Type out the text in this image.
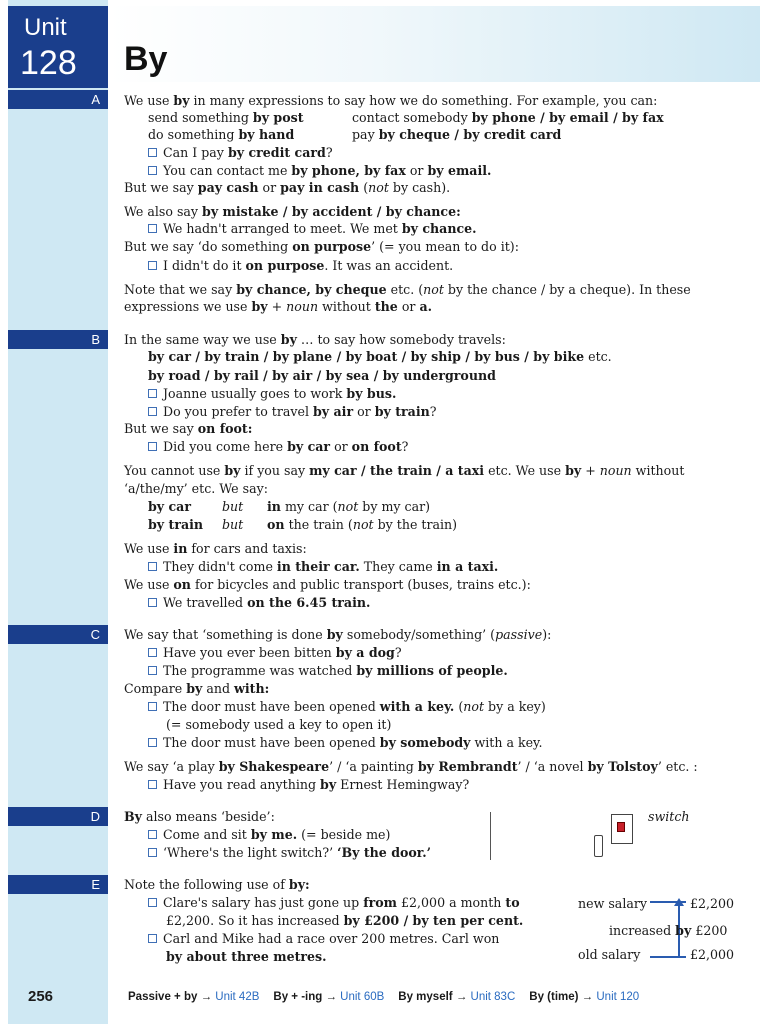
Unit
128 By
A
B
C
D
E
We use by in many expressions to say how we do something. For example, you can:
send something by post	contact somebody by phone / by email / by fax
do something by hand	pay by cheque / by credit card
Can I pay by credit card?
You can contact me by phone, by fax or by email.
But we say pay cash or pay in cash (not by cash).
We also say by mistake / by accident / by chance:
We hadn't arranged to meet. We met by chance.
But we say ‘do something on purpose’ (= you mean to do it):
I didn't do it on purpose. It was an accident.
Note that we say by chance, by cheque etc. (not by the chance / by a cheque). In these
expressions we use by + noun without the or a.
In the same way we use by … to say how somebody travels:
by car / by train / by plane / by boat / by ship / by bus / by bike etc.
by road / by rail / by air / by sea / by underground
Joanne usually goes to work by bus.
Do you prefer to travel by air or by train?
But we say on foot:
Did you come here by car or on foot?
You cannot use by if you say my car / the train / a taxi etc. We use by + noun without
‘a/the/my’ etc. We say:
by car but in my car (not by my car)
by train but on the train (not by the train)
We use in for cars and taxis:
They didn't come in their car. They came in a taxi.
We use on for bicycles and public transport (buses, trains etc.):
We travelled on the 6.45 train.
We say that ‘something is done by somebody/something’ (passive):
Have you ever been bitten by a dog?
The programme was watched by millions of people.
Compare by and with:
The door must have been opened with a key. (not by a key)
(= somebody used a key to open it)
The door must have been opened by somebody with a key.
We say ‘a play by Shakespeare’ / ‘a painting by Rembrandt’ / ‘a novel by Tolstoy’ etc. :
Have you read anything by Ernest Hemingway?
By also means ‘beside’:
Come and sit by me. (= beside me)
‘Where's the light switch?’ ‘By the door.’
Note the following use of by:
Clare's salary has just gone up from £2,000 a month to
£2,200. So it has increased by £200 / by ten per cent.
Carl and Mike had a race over 200 metres. Carl won
by about three metres.
switch
new salary	£2,200
increased by £200
old salary	£2,000
256	Passive + by → Unit 42B By + -ing → Unit 60B By myself → Unit 83C By (time) → Unit 120
